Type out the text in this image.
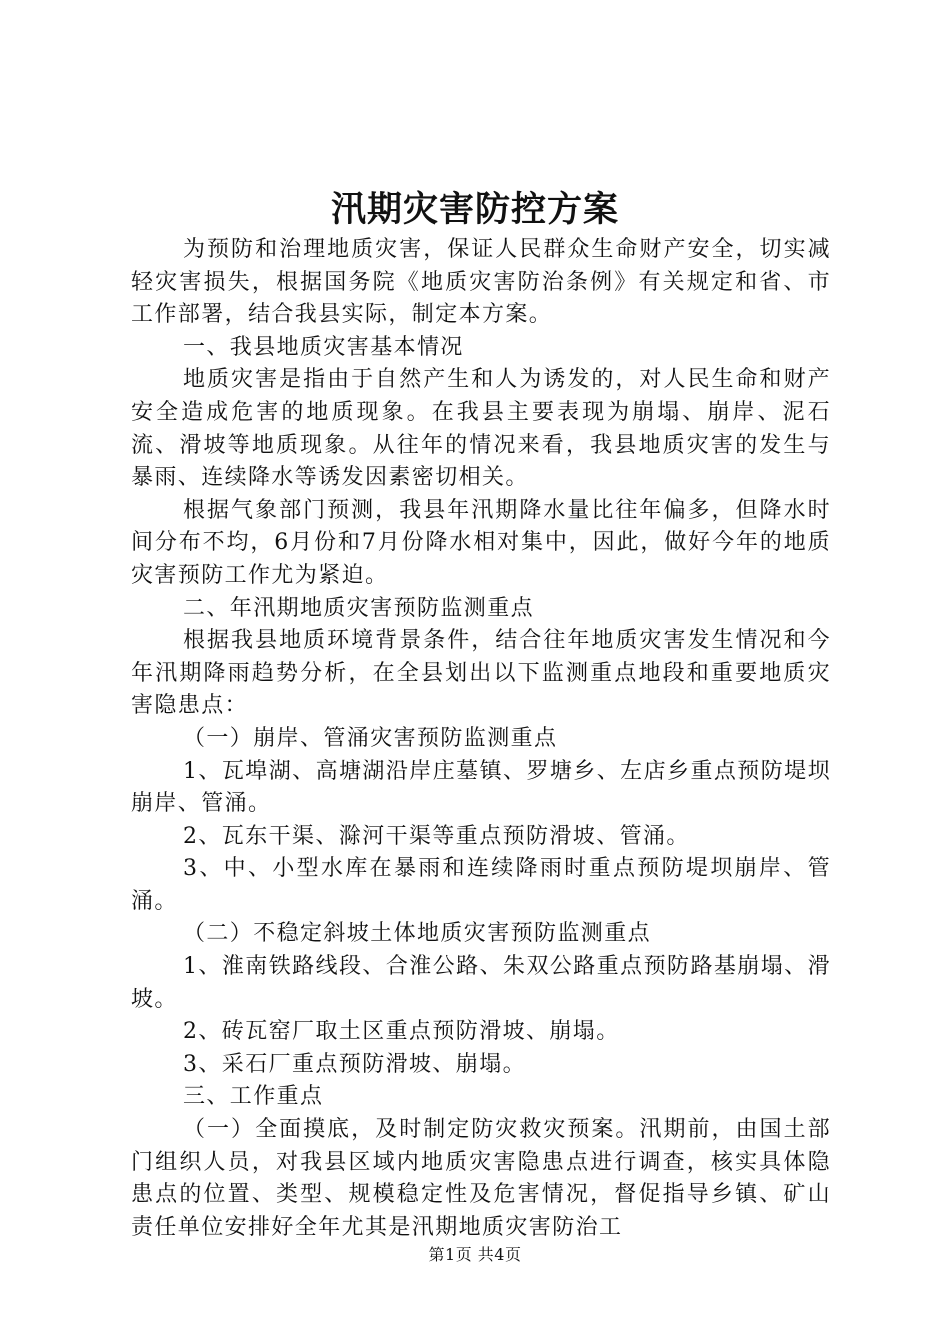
汛期灾害防控方案

为预防和治理地质灾害，保证人民群众生命财产安全，切实减轻灾害损失，根据国务院《地质灾害防治条例》有关规定和省、市工作部署，结合我县实际，制定本方案。

一、我县地质灾害基本情况

地质灾害是指由于自然产生和人为诱发的，对人民生命和财产安全造成危害的地质现象。在我县主要表现为崩塌、崩岸、泥石流、滑坡等地质现象。从往年的情况来看，我县地质灾害的发生与暴雨、连续降水等诱发因素密切相关。

根据气象部门预测，我县年汛期降水量比往年偏多，但降水时间分布不均，6月份和7月份降水相对集中，因此，做好今年的地质灾害预防工作尤为紧迫。

二、年汛期地质灾害预防监测重点

根据我县地质环境背景条件，结合往年地质灾害发生情况和今年汛期降雨趋势分析，在全县划出以下监测重点地段和重要地质灾害隐患点：

（一）崩岸、管涌灾害预防监测重点

1、瓦埠湖、高塘湖沿岸庄墓镇、罗塘乡、左店乡重点预防堤坝崩岸、管涌。

2、瓦东干渠、滁河干渠等重点预防滑坡、管涌。

3、中、小型水库在暴雨和连续降雨时重点预防堤坝崩岸、管涌。

（二）不稳定斜坡土体地质灾害预防监测重点

1、淮南铁路线段、合淮公路、朱双公路重点预防路基崩塌、滑坡。

2、砖瓦窑厂取土区重点预防滑坡、崩塌。

3、采石厂重点预防滑坡、崩塌。

三、工作重点

（一）全面摸底，及时制定防灾救灾预案。汛期前，由国土部门组织人员，对我县区域内地质灾害隐患点进行调查，核实具体隐患点的位置、类型、规模稳定性及危害情况，督促指导乡镇、矿山责任单位安排好全年尤其是汛期地质灾害防治工

第1页 共4页
